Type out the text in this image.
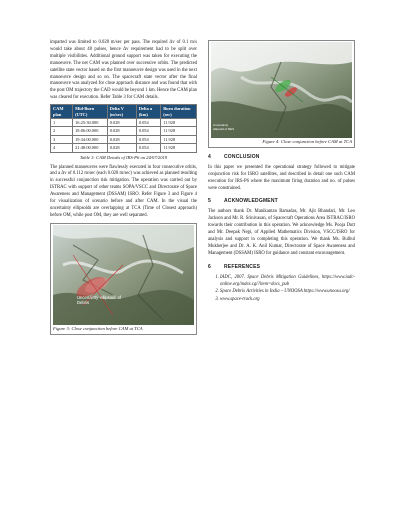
imparted was limited to 0.028 m/sec per pass. The required Δv of 0.1 m/s would take about 48 pulses, hence Δv requirement had to be split over multiple visibilities. Additional ground support was taken for executing the manoeuvre. The net CAM was planned over successive orbits. The predicted satellite state vector based on the first manoeuvre design was used in the next manoeuvre design and so on. The spacecraft state vector after the final manoeuvre was analyzed for close approach distance and was found that with the post OM trajectory the CAD would be beyond 1 km. Hence the CAM plan was cleared for execution. Refer Table 3 for CAM details.

CAM plan	Mid-Burn (UTC)	Delta V (m/sec)	Delta a (km)	Burn duration (sec)
1	16:25:30.000	0.028	0.054	11.928
2	18:06:00.000	0.028	0.054	11.928
3	19:34:00.000	0.028	0.054	11.928
4	21:48:00.000	0.028	0.054	11.928
Table 3: CAM Details of IRS-P6 on 24/07/2019

The planned manoeuvres were flawlessly executed in four consecutive orbits, and a Δv of 0.112 m/sec (each 0.028 m/sec) was achieved as planned resulting in successful conjunction risk mitigation. The operation was carried out by ISTRAC with support of other teams SOPA/VSCC and Directorate of Space Awareness and Management (DSSAM) ISRO. Refer Figure 3 and Figure 4 for visualization of scenario before and after CAM. In the visual the uncertainty ellipsoids are overlapping at TCA (Time of Closest approach) before OM, while post OM, they are well separated.

Uncertainty ellipsoid of Debris
Figure 3: Close conjunction before CAM at TCA
Uncertainty ellipsoid of RES
Figure 4: Close conjunction before CAM at TCA
4	CONCLUSION

In this paper we presented the operational strategy followed to mitigate conjunction risk for ISRO satellites, and described in detail one such CAM execution for IRS-P6 where the maximum firing duration and no. of pulses were constrained.

5	ACKNOWLEDGMENT

The authors thank Dr. Manikantan Ramadas, Mr. Ajit Bhandari, Mr. Leo Jackson and Mr. R. Srinivasan, of Spacecraft Operations Area ISTRAC/ISRO towards their contribution in this operation. We acknowledge Ms. Pooja Dutt and Mr. Deepak Negi, of Applied Mathematics Division, VSCC/ISRO for analysis and support in completing this operation. We thank Ms. Bulbul Mukherjee and Dr. A. K. Anil Kumar, Directorate of Space Awareness and Management (DSSAM) ISRO for guidance and constant encouragement.

6	REFERENCES
1. IADC, 2007. Space Debris Mitigation Guidelines, https://www.iadc-online.org/index.cgi?item=docs_pub
2. Space Debris Activities in India – UNOOSA https://www.unoosa.org/
3. www.space-track.org
